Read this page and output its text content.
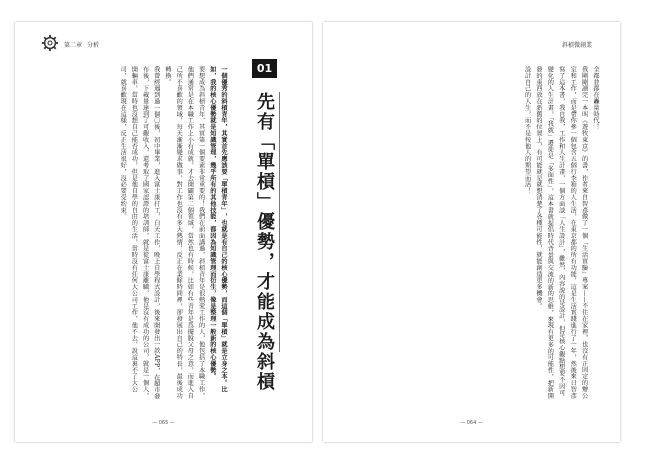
第二章 分析
01
先有「單槓」優勢，才能成為斜槓

一個優秀的斜槓青年，其實首先應該要「單槓青年」，也就是有自己的核心優勢，而這個「單槓」就是立身之本。比如，我的核心優勢就是知識管理，幾乎所有的其他技能，都因為知識管理而衍生，像是整理一般新的核心優勢。

要想成為斜槓青年，其實第一個要素非常重要的！我們在前面講過，斜槓青年是很熱愛工作的人，他包括了本職工作，他們通常是在本職工作上小有成就，才去開闢第二個領域，當然也有時候，比如有些青年是爲擺脫父母之意，而進入自己所不喜歡的領域，每天漸漸變求做事，對工作也沒有多大熱情，反正在業餘時間裡，卻發展出自己的特長，最後成功轉換。

我曾經遇到過一個〇後，初中畢業，進入富士康打工，白天工作，晚上自學程式設計，後來開發出一款APP，在超市發布後，下載量達到了可觀收入，還考取了國家認證的培訓師，就是從富士康離職，他是沒有成功的公司，就是一個人，開輛車，當時也沒想自己能否成功，但是他自學的自由的生活，當時沒有任何大公司工作，他不去，說這裏不了大公司，就喜歡現在這樣，反正生活很好，沒必要受約束。

— 065 —
斜槓微創業

全都並都在轟量時代！

我剛剛讀完一本叫《遊牧東京》的書，作者來自智彥做了一個「生活實驗」專案——不住在家裡，也沒有正固定的辦公室和工作，而是帶你參一個包含五個行李箱的人生活，在東京都的所有功能，這是生活實踐進行了一年，然後來日智彥寫了這本書，我自我，工作和人生計畫，一個方面談「人生設計」，雖然，內容說的是設計，但是核心觀點想要不因可變化的人生計畫，「我就」遷徙是「多面性」，這本書就提倡時代背景與交流的新的思維，來現有更多的可能性，把新開發的東西放在新舊的位置上，有可能就是就想清楚了各種可能性，就能創造更多機會。

設計自己的人生，而不是按他人的期望而活！

— 064 —
